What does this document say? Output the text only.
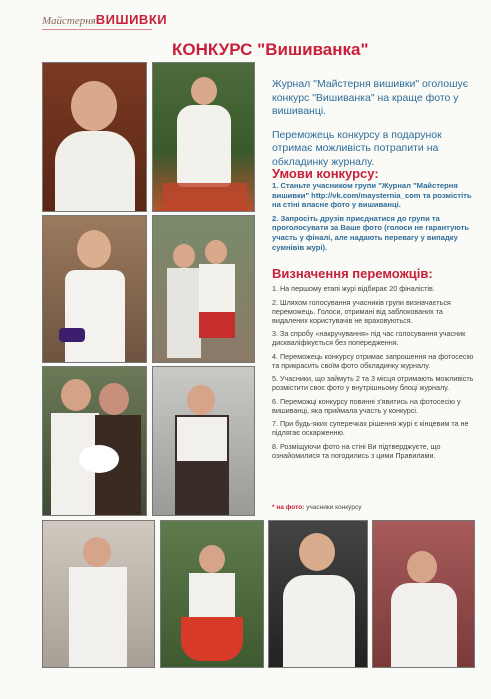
МайстерняВИШИВКИ
КОНКУРС "Вишиванка"

Журнал "Майстерня вишивки" оголошує конкурс "Вишиванка" на краще фото у вишиванці.

Переможець конкурсу в подарунок отримає можливість потрапити на обкладинку журналу.

Умови конкурсу:

1. Станьте учасником групи "Журнал "Майстерня вишивки" http://vk.com/mayster​nia_com та розмістіть на стіні власне фото у вишиванці.

2. Запросіть друзів приєднатися до групи та проголосувати за Ваше фото (голоси не гарантують участь у фіналі, але надають перевагу у випадку сумнівів журі).

Визначення переможців:

1. На першому етапі журі відбирає 20 фіналістів.

2. Шляхом голосування учасників групи визначається переможець. Голоси, отримані від заблокованих та видалених користувачів не враховуються.

3. За спробу «накручування» під час голосування учасник дискваліфікується без попередження.

4. Переможець конкурсу отримає запрошення на фотосесію та прикрасить своїм фото обкладинку журналу.

5. Учасники, що займуть 2 та 3 місця отримають можливість розмістити своє фото у внутрішньому блоці журналу.

6. Переможці конкурсу повинні з'явитись на фотосесію у вишиванці, яка приймала участь у конкурсі.

7. При будь-яких суперечках рішення журі є кінцевим та не підлягає оскарженню.

8. Розміщуючи фото на стіні Ви підтверджуєте, що ознайомилися та погодились з цими Правилами.

* на фото: учасники конкурсу
